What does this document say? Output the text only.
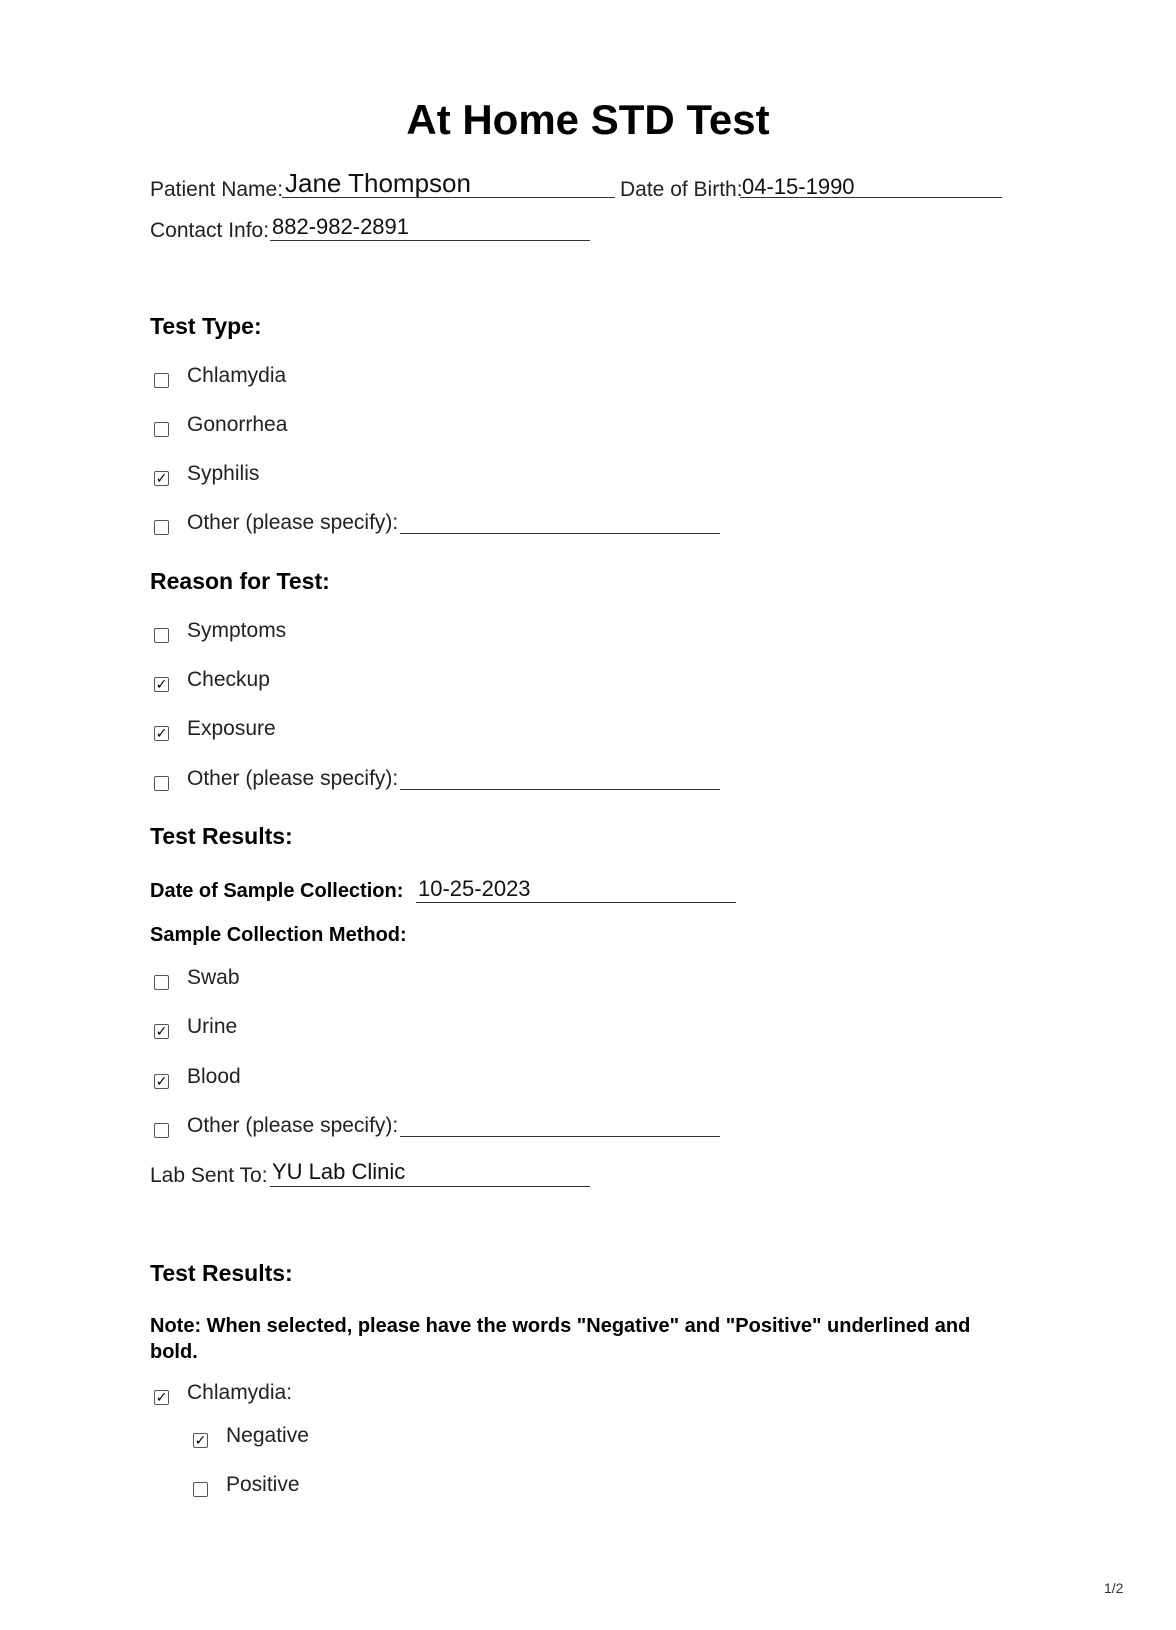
At Home STD Test
Patient Name: Jane Thompson	Date of Birth: 04-15-1990
Contact Info: 882-982-2891
Test Type:
Chlamydia
Gonorrhea
✓ Syphilis
Other (please specify):
Reason for Test:
Symptoms
✓ Checkup
✓ Exposure
Other (please specify):
Test Results:
Date of Sample Collection: 10-25-2023
Sample Collection Method:
Swab
✓ Urine
✓ Blood
Other (please specify):
Lab Sent To: YU Lab Clinic
Test Results:
Note: When selected, please have the words "Negative" and "Positive" underlined and bold.
✓ Chlamydia:
✓ Negative
Positive
1/2
